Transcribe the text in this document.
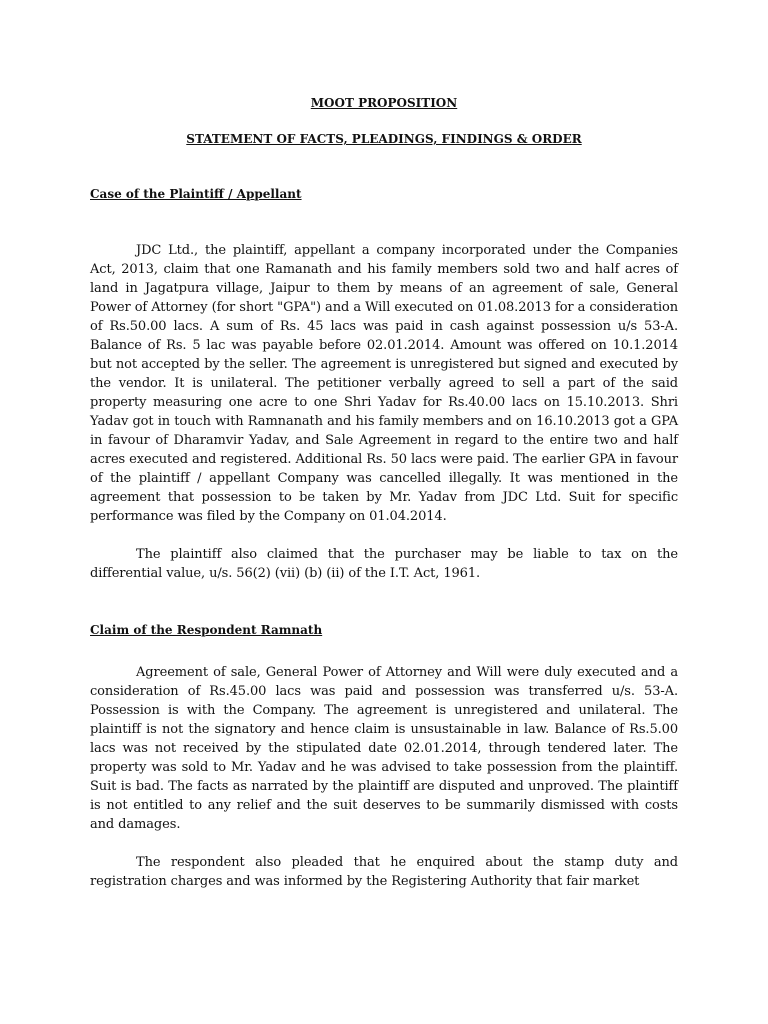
MOOT PROPOSITION
STATEMENT OF FACTS, PLEADINGS, FINDINGS & ORDER
Case of the Plaintiff / Appellant

JDC Ltd., the plaintiff, appellant a company incorporated under the Companies Act, 2013, claim that one Ramanath and his family members sold two and half acres of land in Jagatpura village, Jaipur to them by means of an agreement of sale, General Power of Attorney (for short "GPA") and a Will executed on 01.08.2013 for a consideration of Rs.50.00 lacs. A sum of Rs. 45 lacs was paid in cash against possession u/s 53-A. Balance of Rs. 5 lac was payable before 02.01.2014. Amount was offered on 10.1.2014 but not accepted by the seller. The agreement is unregistered but signed and executed by the vendor. It is unilateral. The petitioner verbally agreed to sell a part of the said property measuring one acre to one Shri Yadav for Rs.40.00 lacs on 15.10.2013. Shri Yadav got in touch with Ramnanath and his family members and on 16.10.2013 got a GPA in favour of Dharamvir Yadav, and Sale Agreement in regard to the entire two and half acres executed and registered. Additional Rs. 50 lacs were paid. The earlier GPA in favour of the plaintiff / appellant Company was cancelled illegally. It was mentioned in the agreement that possession to be taken by Mr. Yadav from JDC Ltd. Suit for specific performance was filed by the Company on 01.04.2014.

The plaintiff also claimed that the purchaser may be liable to tax on the differential value, u/s. 56(2) (vii) (b) (ii) of the I.T. Act, 1961.

Claim of the Respondent Ramnath

Agreement of sale, General Power of Attorney and Will were duly executed and a consideration of Rs.45.00 lacs was paid and possession was transferred u/s. 53-A. Possession is with the Company. The agreement is unregistered and unilateral. The plaintiff is not the signatory and hence claim is unsustainable in law. Balance of Rs.5.00 lacs was not received by the stipulated date 02.01.2014, through tendered later. The property was sold to Mr. Yadav and he was advised to take possession from the plaintiff. Suit is bad. The facts as narrated by the plaintiff are disputed and unproved. The plaintiff is not entitled to any relief and the suit deserves to be summarily dismissed with costs and damages.

The respondent also pleaded that he enquired about the stamp duty and registration charges and was informed by the Registering Authority that fair market
